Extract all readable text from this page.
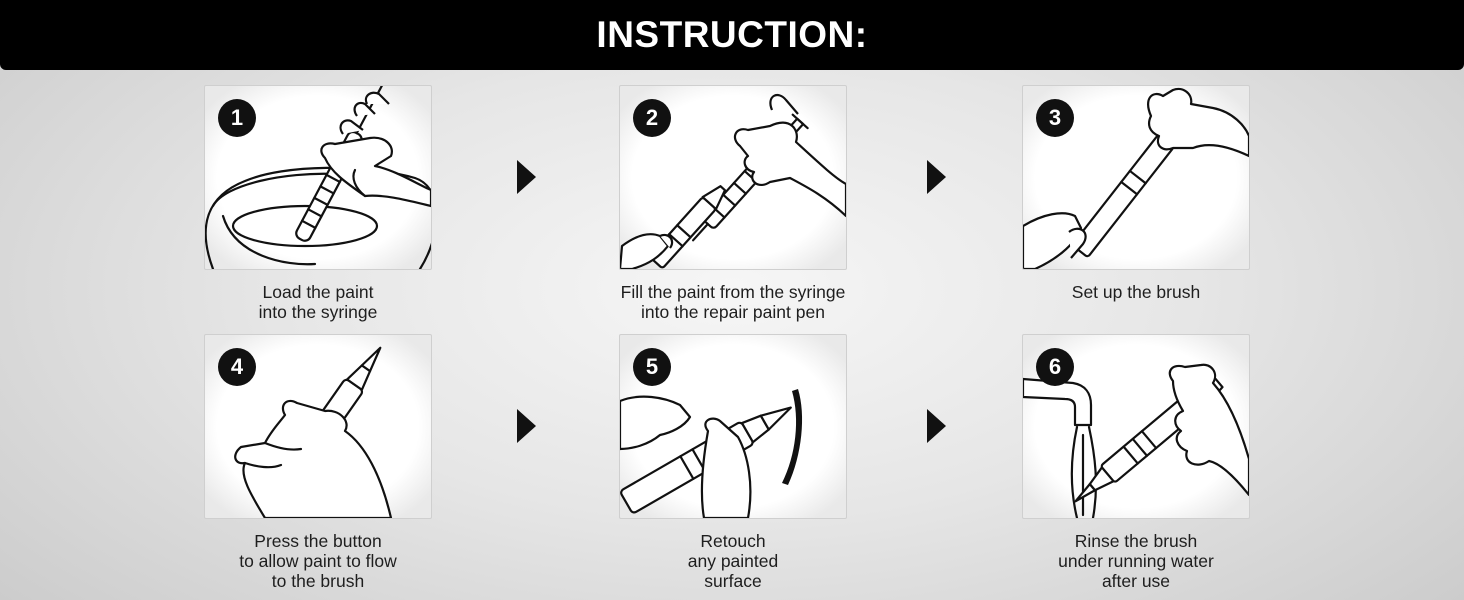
INSTRUCTION:
1
Load the paint
into the syringe
2
Fill the paint from the syringe
into the repair paint pen
3
Set up the brush
4
Press the button
to allow paint to flow
to the brush
5
Retouch
any painted
surface
6
Rinse the brush
under running water
after use
